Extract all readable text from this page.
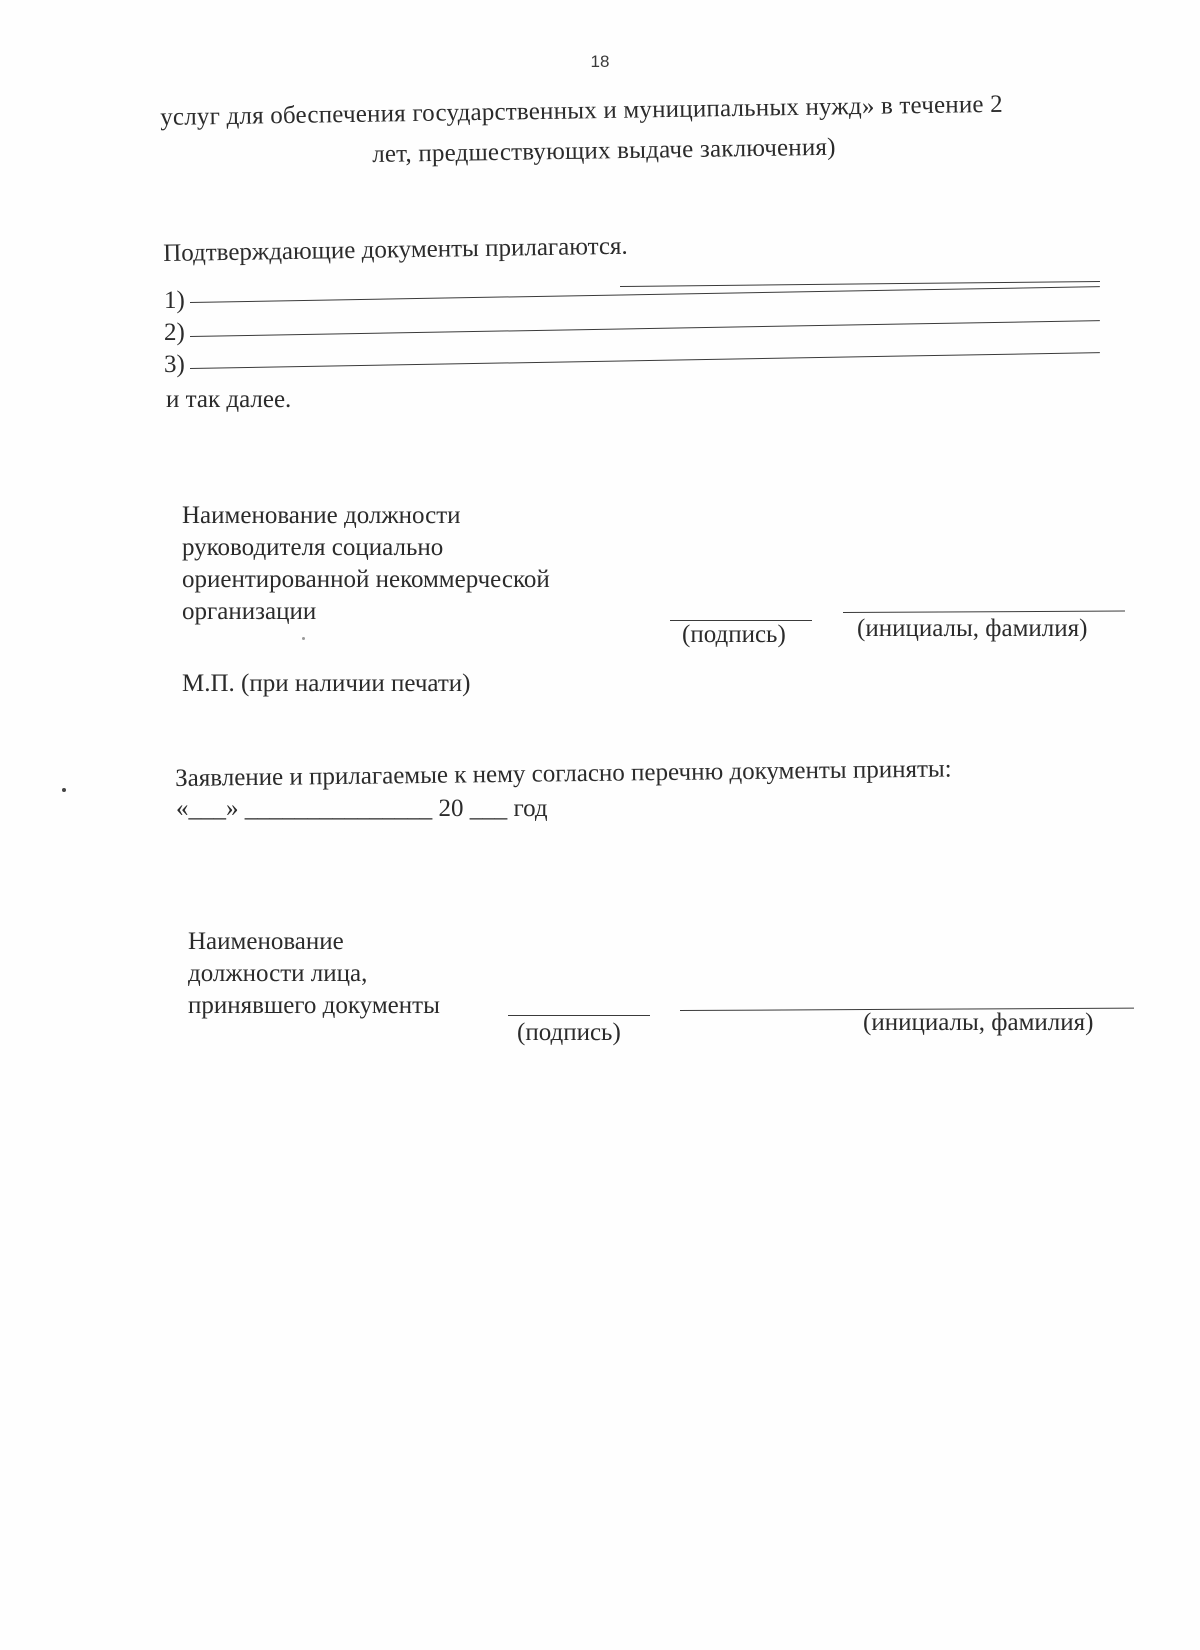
18
услуг для обеспечения государственных и муниципальных нужд» в течение 2
лет, предшествующих выдаче заключения)
Подтверждающие документы прилагаются.
1)
2)
3)
и так далее.
Наименование должности
руководителя социально
ориентированной некоммерческой
организации
(подпись)	(инициалы, фамилия)
М.П. (при наличии печати)
Заявление и прилагаемые к нему согласно перечню документы приняты:
«___» _______________ 20 ___ год
Наименование
должности лица,
принявшего документы
(подпись)	(инициалы, фамилия)
